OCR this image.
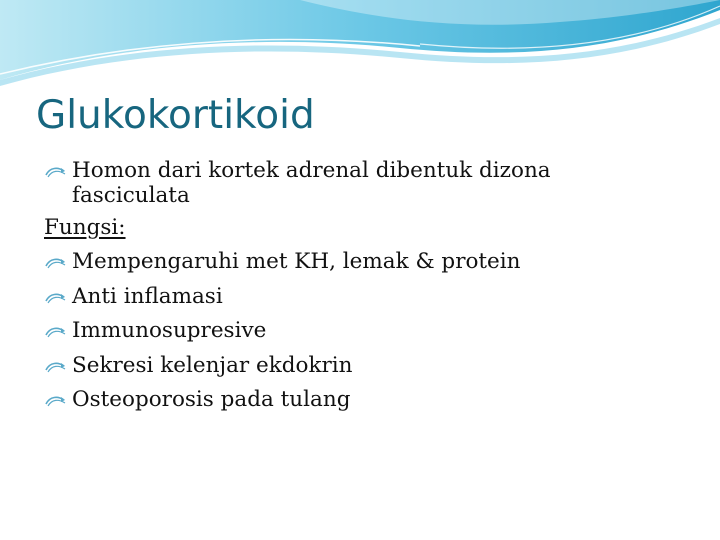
Glukokortikoid
Homon dari kortek adrenal dibentuk dizona
fasciculata
Fungsi:
Mempengaruhi met KH, lemak & protein
Anti inflamasi
Immunosupresive
Sekresi kelenjar ekdokrin
Osteoporosis pada tulang
